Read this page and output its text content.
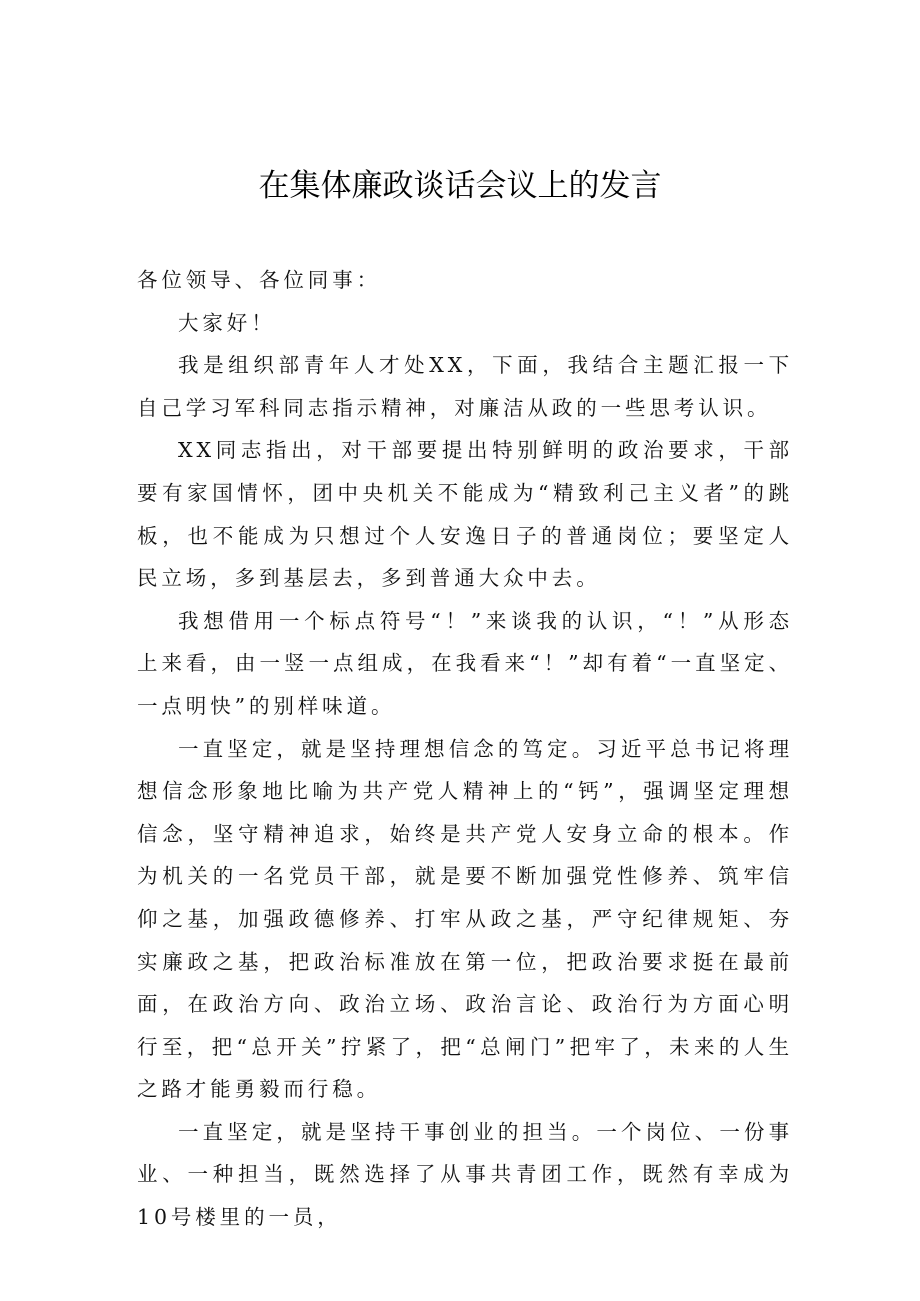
在集体廉政谈话会议上的发言

各位领导、各位同事：

大家好！

我是组织部青年人才处XX，下面，我结合主题汇报一下自己学习军科同志指示精神，对廉洁从政的一些思考认识。

XX同志指出，对干部要提出特别鲜明的政治要求，干部要有家国情怀，团中央机关不能成为“精致利己主义者”的跳板，也不能成为只想过个人安逸日子的普通岗位；要坚定人民立场，多到基层去，多到普通大众中去。

我想借用一个标点符号“！”来谈我的认识，“！”从形态上来看，由一竖一点组成，在我看来“！”却有着“一直坚定、一点明快”的别样味道。

一直坚定，就是坚持理想信念的笃定。习近平总书记将理想信念形象地比喻为共产党人精神上的“钙”，强调坚定理想信念，坚守精神追求，始终是共产党人安身立命的根本。作为机关的一名党员干部，就是要不断加强党性修养、筑牢信仰之基，加强政德修养、打牢从政之基，严守纪律规矩、夯实廉政之基，把政治标准放在第一位，把政治要求挺在最前面，在政治方向、政治立场、政治言论、政治行为方面心明行至，把“总开关”拧紧了，把“总闸门”把牢了，未来的人生之路才能勇毅而行稳。

一直坚定，就是坚持干事创业的担当。一个岗位、一份事业、一种担当，既然选择了从事共青团工作，既然有幸成为10号楼里的一员，
